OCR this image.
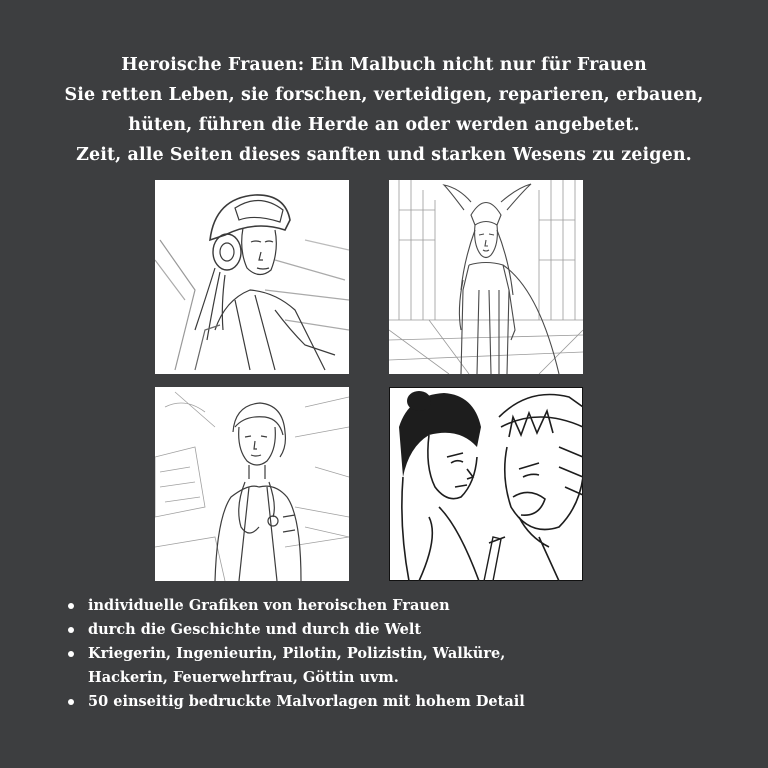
Heroische Frauen: Ein Malbuch nicht nur für Frauen
Sie retten Leben, sie forschen, verteidigen, reparieren, erbauen,
hüten, führen die Herde an oder werden angebetet.
Zeit, alle Seiten dieses sanften und starken Wesens zu zeigen.
individuelle Grafiken von heroischen Frauen
durch die Geschichte und durch die Welt
Kriegerin, Ingenieurin, Pilotin, Polizistin, Walküre,
Hackerin, Feuerwehrfrau, Göttin uvm.
50 einseitig bedruckte Malvorlagen mit hohem Detail
